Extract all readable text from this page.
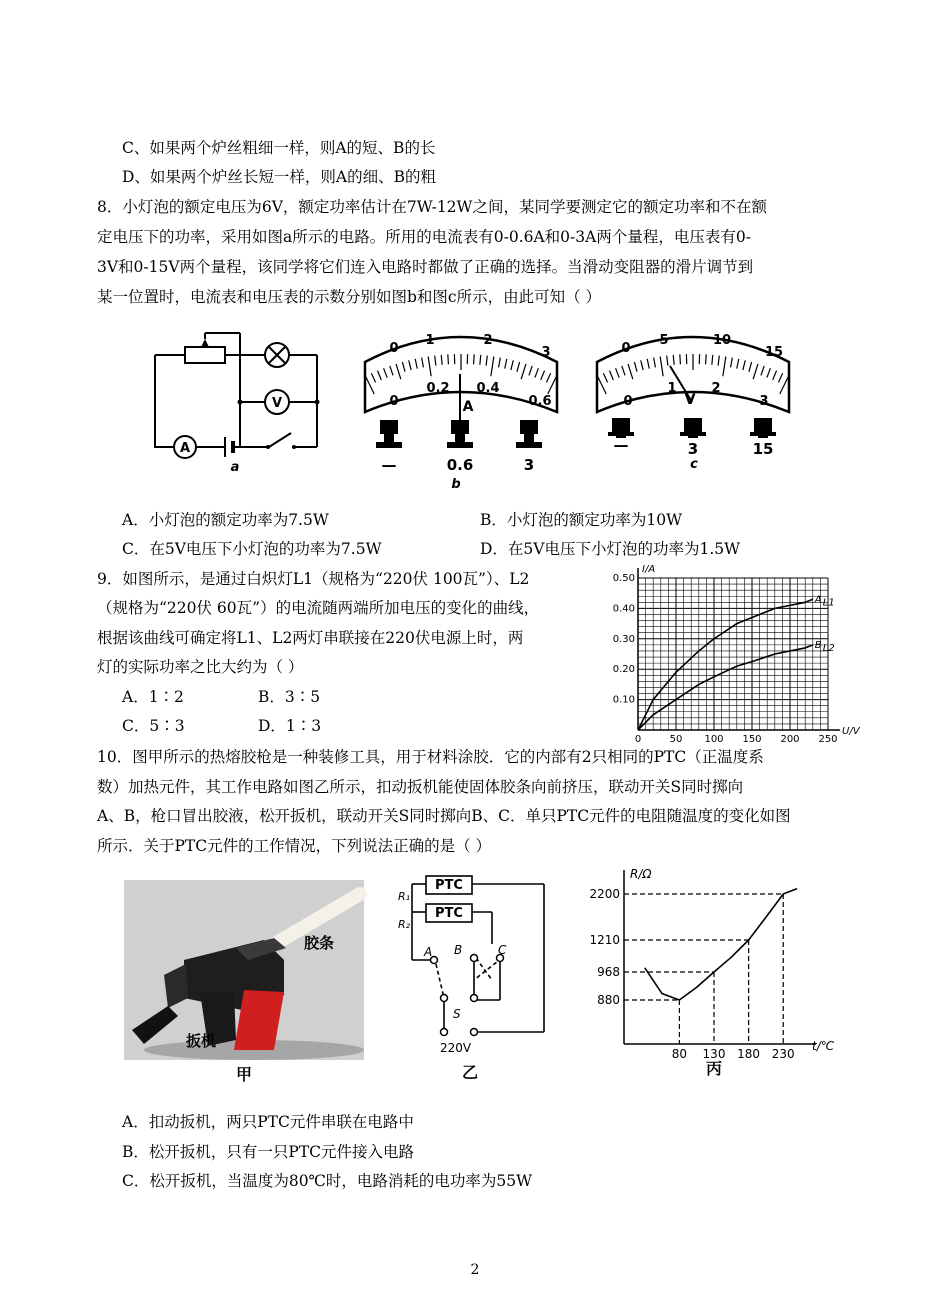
C、如果两个炉丝粗细一样，则A的短、B的长
D、如果两个炉丝长短一样，则A的细、B的粗
8．小灯泡的额定电压为6V，额定功率估计在7W-12W之间，某同学要测定它的额定功率和不在额
定电压下的功率，采用如图a所示的电路。所用的电流表有0-0.6A和0-3A两个量程，电压表有0-
3V和0-15V两个量程，该同学将它们连入电路时都做了正确的选择。当滑动变阻器的滑片调节到
某一位置时，电流表和电压表的示数分别如图b和图c所示，由此可知（ ）
A
V
a
0
1	2
3
0
0.2 0.4
0.6
A
—	0.6	3
b
0
5	10
15
0
1	2
3
V
—	3	15
c
A．小灯泡的额定功率为7.5W	B．小灯泡的额定功率为10W
C．在5V电压下小灯泡的功率为7.5W	D．在5V电压下小灯泡的功率为1.5W
9．如图所示，是通过白炽灯L1（规格为“220伏 100瓦”）、L2
（规格为“220伏 60瓦”）的电流随两端所加电压的变化的曲线，
根据该曲线可确定将L1、L2两灯串联接在220伏电源上时，两
灯的实际功率之比大约为（ ）
A．1∶2	B．3∶5
C．5∶3	D．1∶3	U/V
I/A
0	50 100 150 200 250
0.10
0.20
0.30
0.40
0.50
A L1
B L2
10．图甲所示的热熔胶枪是一种装修工具，用于材料涂胶．它的内部有2只相同的PTC（正温度系
数）加热元件，其工作电路如图乙所示，扣动扳机能使固体胶条向前挤压，联动开关S同时掷向
A、B，枪口冒出胶液，松开扳机，联动开关S同时掷向B、C．单只PTC元件的电阻随温度的变化如图
所示．关于PTC元件的工作情况，下列说法正确的是（ ）
胶条
扳机
甲
PTC
PTC
R₁
R₂
A B	C
S
220V
乙
t/℃
R/Ω
80 130 180 230
880
968
1210
2200
丙
A．扣动扳机，两只PTC元件串联在电路中
B．松开扳机，只有一只PTC元件接入电路
C．松开扳机，当温度为80℃时，电路消耗的电功率为55W
2
